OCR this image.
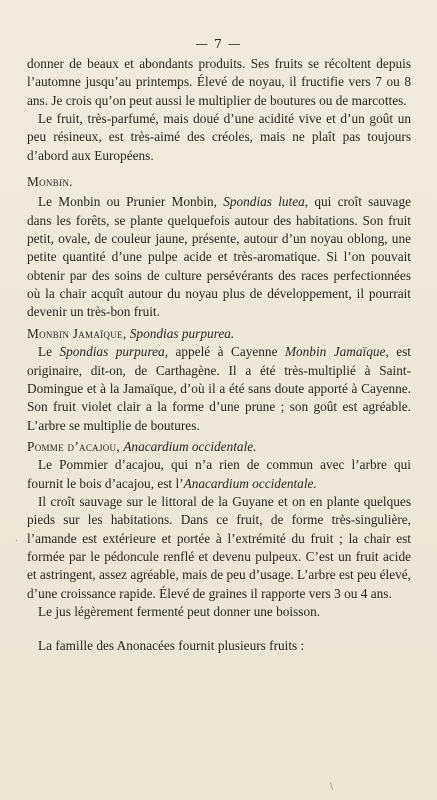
— 7 —

donner de beaux et abondants produits. Ses fruits se récoltent depuis l’automne jusqu’au printemps. Élevé de noyau, il fructifie vers 7 ou 8 ans. Je crois qu’on peut aussi le multiplier de boutures ou de marcottes.

Le fruit, très-parfumé, mais doué d’une acidité vive et d’un goût un peu résineux, est très-aimé des créoles, mais ne plaît pas toujours d’abord aux Européens.

Monbin.

Le Monbin ou Prunier Monbin, Spondias lutea, qui croît sauvage dans les forêts, se plante quelquefois autour des habitations. Son fruit petit, ovale, de couleur jaune, présente, autour d’un noyau oblong, une petite quantité d’une pulpe acide et très-aromatique. Si l’on pouvait obtenir par des soins de culture persévérants des races perfectionnées où la chair acquît autour du noyau plus de développement, il pourrait devenir un très-bon fruit.

Monbin Jamaïque, Spondias purpurea.

Le Spondias purpurea, appelé à Cayenne Monbin Jamaïque, est originaire, dit-on, de Carthagène. Il a été très-multiplié à Saint-Domingue et à la Jamaïque, d’où il a été sans doute apporté à Cayenne. Son fruit violet clair a la forme d’une prune ; son goût est agréable. L’arbre se multiplie de boutures.

Pomme d’acajou, Anacardium occidentale.

Le Pommier d’acajou, qui n’a rien de commun avec l’arbre qui fournit le bois d’acajou, est l’Anacardium occidentale.

Il croît sauvage sur le littoral de la Guyane et on en plante quelques pieds sur les habitations. Dans ce fruit, de forme très-singulière, l’amande est extérieure et portée à l’extrémité du fruit ; la chair est formée par le pédoncule renflé et devenu pulpeux. C’est un fruit acide et astringent, assez agréable, mais de peu d’usage. L’arbre est peu élevé, d’une croissance rapide. Élevé de graines il rapporte vers 3 ou 4 ans.

Le jus légèrement fermenté peut donner une boisson.

La famille des Anonacées fournit plusieurs fruits :

.
\
